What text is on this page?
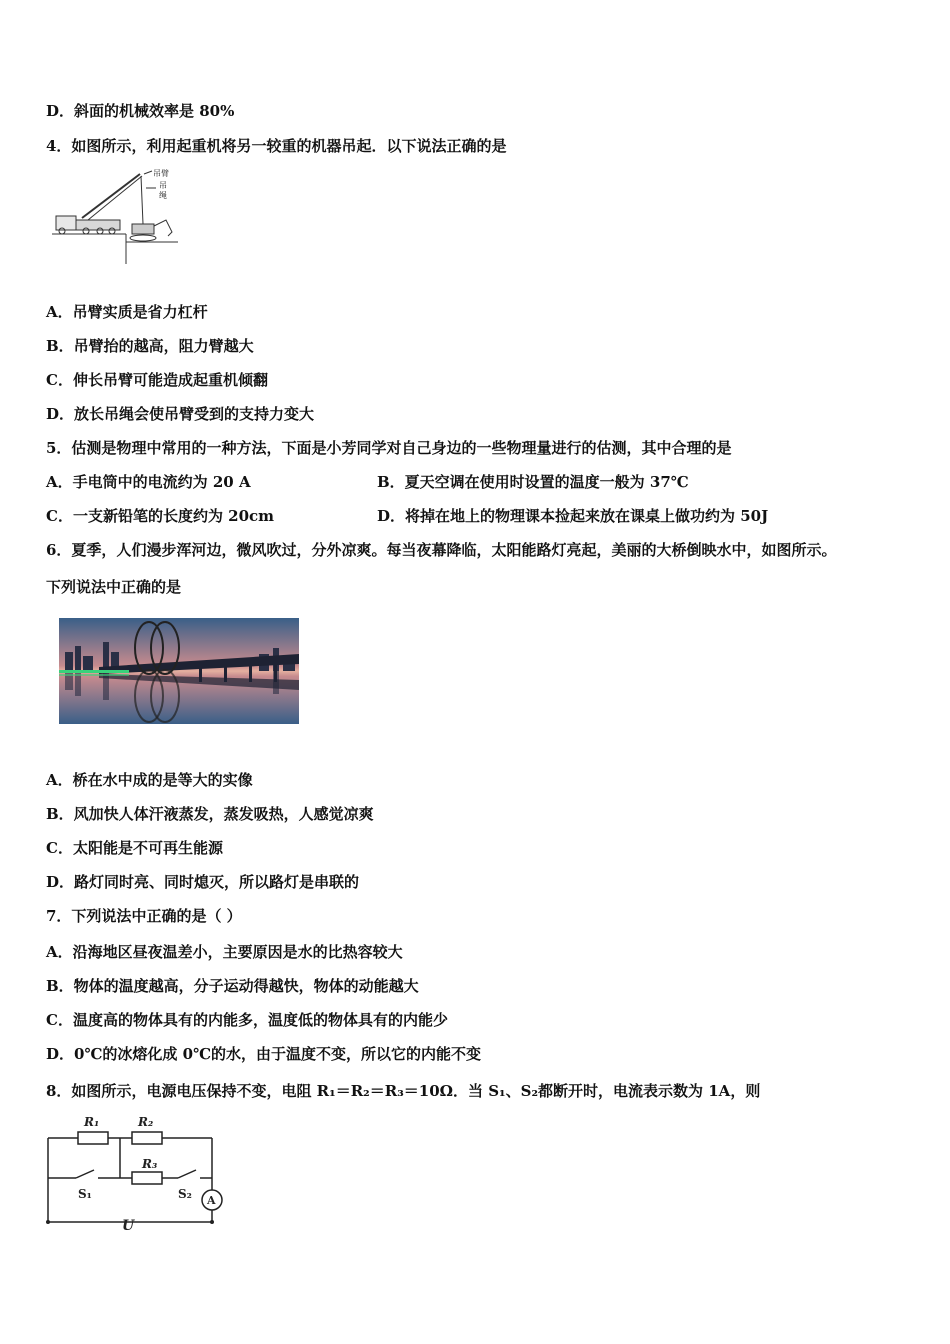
D．斜面的机械效率是 80%
4．如图所示，利用起重机将另一较重的机器吊起．以下说法正确的是
吊臂
吊
绳
A．吊臂实质是省力杠杆
B．吊臂抬的越高，阻力臂越大
C．伸长吊臂可能造成起重机倾翻
D．放长吊绳会使吊臂受到的支持力变大
5．估测是物理中常用的一种方法，下面是小芳同学对自己身边的一些物理量进行的估测，其中合理的是
A．手电筒中的电流约为 20 A	B．夏天空调在使用时设置的温度一般为 37℃
C．一支新铅笔的长度约为 20cm	D．将掉在地上的物理课本捡起来放在课桌上做功约为 50J
6．夏季，人们漫步浑河边，微风吹过，分外凉爽。每当夜幕降临，太阳能路灯亮起，美丽的大桥倒映水中，如图所示。
下列说法中正确的是
A．桥在水中成的是等大的实像
B．风加快人体汗液蒸发，蒸发吸热，人感觉凉爽
C．太阳能是不可再生能源
D．路灯同时亮、同时熄灭，所以路灯是串联的
7．下列说法中正确的是（ ）
A．沿海地区昼夜温差小，主要原因是水的比热容较大
B．物体的温度越高，分子运动得越快，物体的动能越大
C．温度高的物体具有的内能多，温度低的物体具有的内能少
D．0℃的冰熔化成 0℃的水，由于温度不变，所以它的内能不变
8．如图所示，电源电压保持不变，电阻 R₁＝R₂＝R₃＝10Ω．当 S₁、S₂都断开时，电流表示数为 1A，则
R₁	R₂
R₃
S₁	S₂ A
U
